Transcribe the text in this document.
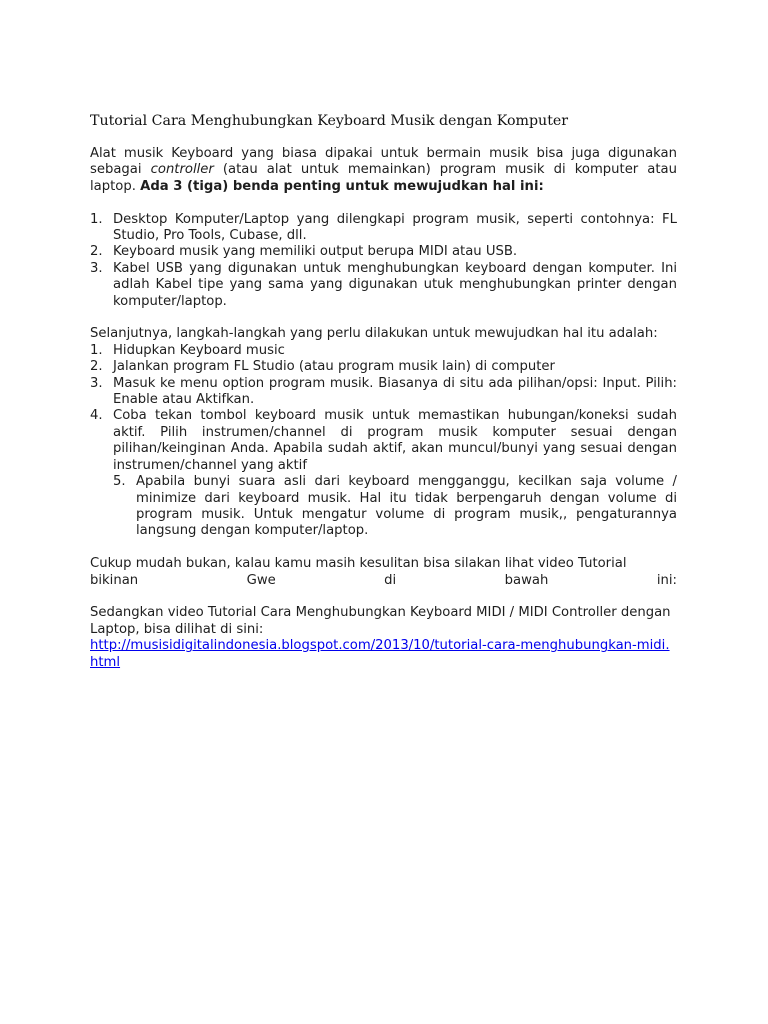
Tutorial Cara Menghubungkan Keyboard Musik dengan Komputer

Alat musik Keyboard yang biasa dipakai untuk bermain musik bisa juga digunakan sebagai controller (atau alat untuk memainkan) program musik di komputer atau laptop. Ada 3 (tiga) benda penting untuk mewujudkan hal ini:

1. Desktop Komputer/Laptop yang dilengkapi program musik, seperti contohnya: FL Studio, Pro Tools, Cubase, dll.
2. Keyboard musik yang memiliki output berupa MIDI atau USB.
3. Kabel USB yang digunakan untuk menghubungkan keyboard dengan komputer. Ini adlah Kabel tipe yang sama yang digunakan utuk menghubungkan printer dengan komputer/laptop.

Selanjutnya, langkah-langkah yang perlu dilakukan untuk mewujudkan hal itu adalah:

1. Hidupkan Keyboard music
2. Jalankan program FL Studio (atau program musik lain) di computer
3. Masuk ke menu option program musik. Biasanya di situ ada pilihan/opsi: Input. Pilih: Enable atau Aktifkan.
4. Coba tekan tombol keyboard musik untuk memastikan hubungan/koneksi sudah aktif. Pilih instrumen/channel di program musik komputer sesuai dengan pilihan/keinginan Anda. Apabila sudah aktif, akan muncul/bunyi yang sesuai dengan instrumen/channel yang aktif
5. Apabila bunyi suara asli dari keyboard mengganggu, kecilkan saja volume / minimize dari keyboard musik. Hal itu tidak berpengaruh dengan volume di program musik. Untuk mengatur volume di program musik,, pengaturannya langsung dengan komputer/laptop.

Cukup mudah bukan, kalau kamu masih kesulitan bisa silakan lihat video Tutorial

bikinan	Gwe	di	bawah	ini:

Sedangkan video Tutorial Cara Menghubungkan Keyboard MIDI / MIDI Controller dengan Laptop, bisa dilihat di sini:

http://musisidigitalindonesia.blogspot.com/2013/10/tutorial-cara-menghubungkan-midi.html
